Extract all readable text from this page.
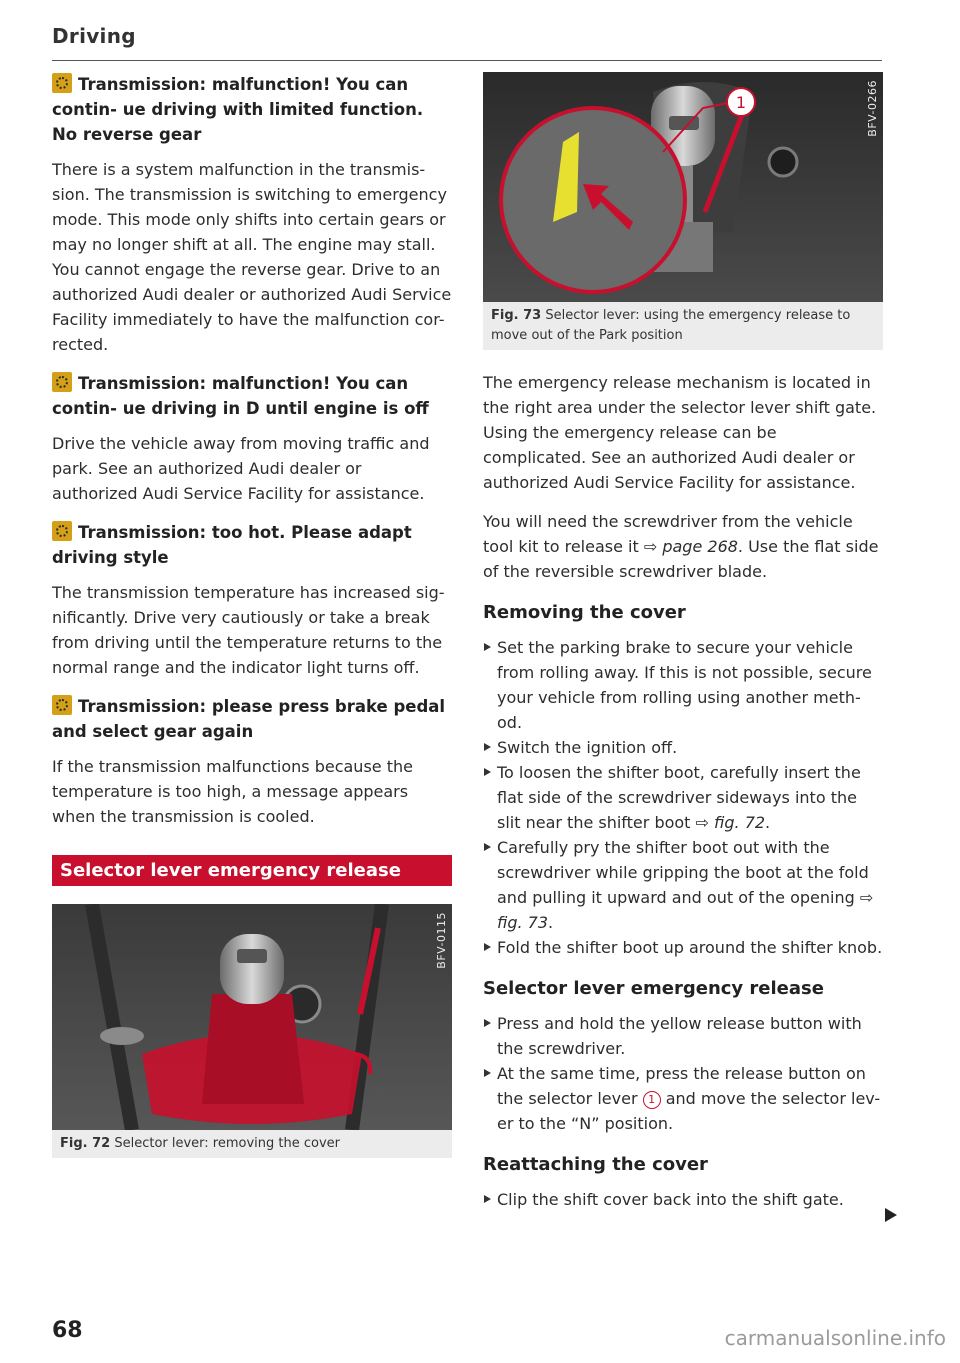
Driving
Transmission: malfunction! You can contin- ue driving with limited function. No reverse gear

There is a system malfunction in the transmis- sion. The transmission is switching to emergency mode. This mode only shifts into certain gears or may no longer shift at all. The engine may stall. You cannot engage the reverse gear. Drive to an authorized Audi dealer or authorized Audi Service Facility immediately to have the malfunction cor- rected.

Transmission: malfunction! You can contin- ue driving in D until engine is off

Drive the vehicle away from moving traffic and park. See an authorized Audi dealer or authorized Audi Service Facility for assistance.

Transmission: too hot. Please adapt driving style

The transmission temperature has increased sig- nificantly. Drive very cautiously or take a break from driving until the temperature returns to the normal range and the indicator light turns off.

Transmission: please press brake pedal and select gear again

If the transmission malfunctions because the temperature is too high, a message appears when the transmission is cooled.

Selector lever emergency release
BFV-0115
Fig. 72 Selector lever: removing the cover
1	BFV-0266
Fig. 73 Selector lever: using the emergency release to move out of the Park position

The emergency release mechanism is located in the right area under the selector lever shift gate. Using the emergency release can be complicated. See an authorized Audi dealer or authorized Audi Service Facility for assistance.

You will need the screwdriver from the vehicle tool kit to release it ⇨ page 268. Use the flat side of the reversible screwdriver blade.

Removing the cover
Set the parking brake to secure your vehicle from rolling away. If this is not possible, secure your vehicle from rolling using another meth- od.
Switch the ignition off.
To loosen the shifter boot, carefully insert the flat side of the screwdriver sideways into the slit near the shifter boot ⇨ fig. 72.
Carefully pry the shifter boot out with the screwdriver while gripping the boot at the fold and pulling it upward and out of the opening ⇨ fig. 73.
Fold the shifter boot up around the shifter knob.
Selector lever emergency release
Press and hold the yellow release button with the screwdriver.
At the same time, press the release button on the selector lever 1 and move the selector lev- er to the “N” position.
Reattaching the cover
Clip the shift cover back into the shift gate.
68	carmanualsonline.info
